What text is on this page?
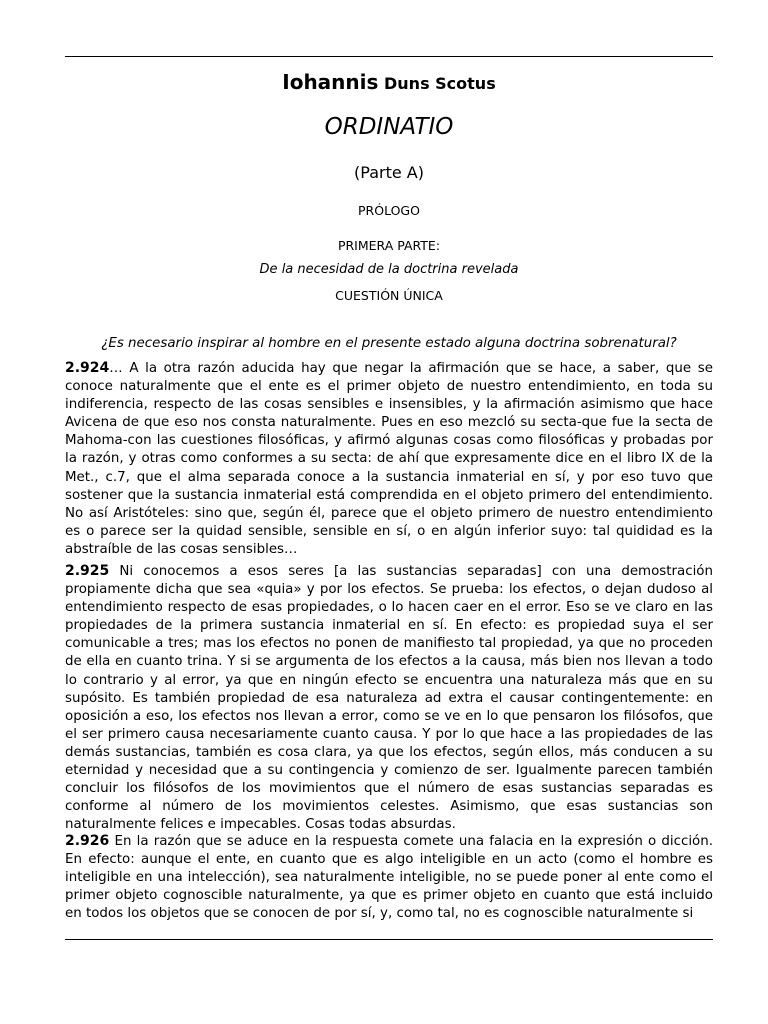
Iohannis Duns Scotus
ORDINATIO
(Parte A)
PRÓLOGO
PRIMERA PARTE:
De la necesidad de la doctrina revelada
CUESTIÓN ÚNICA
¿Es necesario inspirar al hombre en el presente estado alguna doctrina sobrenatural?

2.924… A la otra razón aducida hay que negar la afirmación que se hace, a saber, que se conoce naturalmente que el ente es el primer objeto de nuestro entendimiento, en toda su indiferencia, respecto de las cosas sensibles e insensibles, y la afirmación asimismo que hace Avicena de que eso nos consta naturalmente. Pues en eso mezcló su secta-que fue la secta de Mahoma-con las cuestiones filosóficas, y afirmó algunas cosas como filosóficas y probadas por la razón, y otras como conformes a su secta: de ahí que expresamente dice en el libro IX de la Met., c.7, que el alma separada conoce a la sustancia inmaterial en sí, y por eso tuvo que sostener que la sustancia inmaterial está comprendida en el objeto primero del entendimiento. No así Aristóteles: sino que, según él, parece que el objeto primero de nuestro entendimiento es o parece ser la quidad sensible, sensible en sí, o en algún inferior suyo: tal quididad es la abstraíble de las cosas sensibles…

2.925 Ni conocemos a esos seres [a las sustancias separadas] con una demostración propiamente dicha que sea «quia» y por los efectos. Se prueba: los efectos, o dejan dudoso al entendimiento respecto de esas propiedades, o lo hacen caer en el error. Eso se ve claro en las propiedades de la primera sustancia inmaterial en sí. En efecto: es propiedad suya el ser comunicable a tres; mas los efectos no ponen de manifiesto tal propiedad, ya que no proceden de ella en cuanto trina. Y si se argumenta de los efectos a la causa, más bien nos llevan a todo lo contrario y al error, ya que en ningún efecto se encuentra una naturaleza más que en su supósito. Es también propiedad de esa naturaleza ad extra el causar contingentemente: en oposición a eso, los efectos nos llevan a error, como se ve en lo que pensaron los filósofos, que el ser primero causa necesariamente cuanto causa. Y por lo que hace a las propiedades de las demás sustancias, también es cosa clara, ya que los efectos, según ellos, más conducen a su eternidad y necesidad que a su contingencia y comienzo de ser. Igualmente parecen también concluir los filósofos de los movimientos que el número de esas sustancias separadas es conforme al número de los movimientos celestes. Asimismo, que esas sustancias son naturalmente felices e impecables. Cosas todas absurdas.

2.926 En la razón que se aduce en la respuesta comete una falacia en la expresión o dicción. En efecto: aunque el ente, en cuanto que es algo inteligible en un acto (como el hombre es inteligible en una intelección), sea naturalmente inteligible, no se puede poner al ente como el primer objeto cognoscible naturalmente, ya que es primer objeto en cuanto que está incluido en todos los objetos que se conocen de por sí, y, como tal, no es cognoscible naturalmente si
